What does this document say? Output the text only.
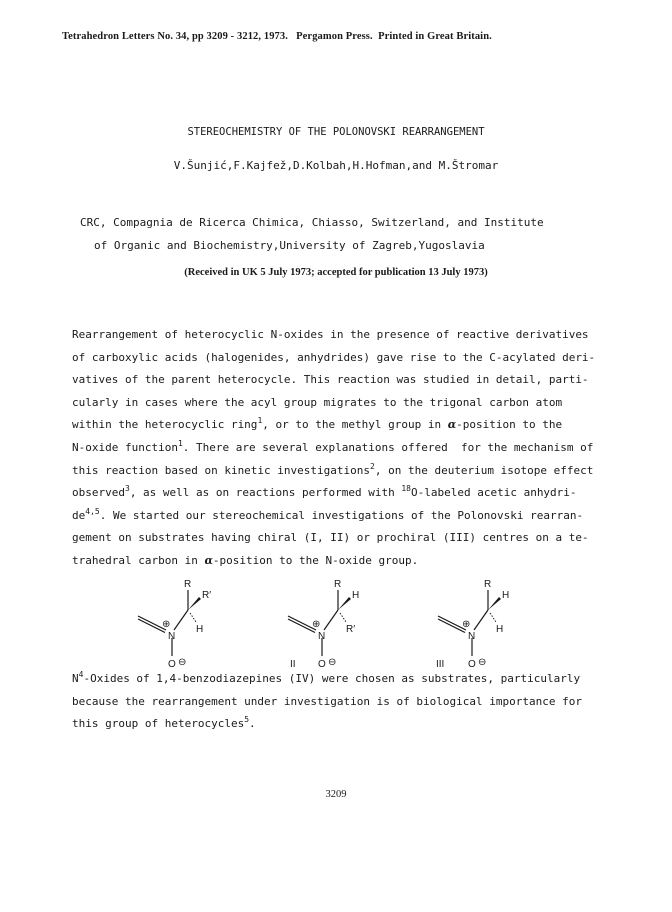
Tetrahedron Letters No. 34, pp 3209 - 3212, 1973.   Pergamon Press.  Printed in Great Britain.
STEREOCHEMISTRY OF THE POLONOVSKI REARRANGEMENT
V.Šunjić,F.Kajfež,D.Kolbah,H.Hofman,and M.Štromar
CRC, Compagnia de Ricerca Chimica, Chiasso, Switzerland, and Institute
of Organic and Biochemistry,University of Zagreb,Yugoslavia
(Received in UK 5 July 1973; accepted for publication 13 July 1973)

Rearrangement of heterocyclic N-oxides in the presence of reactive derivatives

of carboxylic acids (halogenides, anhydrides) gave rise to the C-acylated deri-

vatives of the parent heterocycle. This reaction was studied in detail, parti-

cularly in cases where the acyl group migrates to the trigonal carbon atom

within the heterocyclic ring$^1$, or to the methyl group in α-position to the

N-oxide function$^1$. There are several explanations offered  for the mechanism of

this reaction based on kinetic investigations$^2$, on the deuterium isotope effect

observed$^3$, as well as on reactions performed with $^{18}$O-labeled acetic anhydri-

de$^{4,5}$. We started our stereochemical investigations of the Polonovski rearran-

gement on substrates having chiral (I, II) or prochiral (III) centres on a te-

trahedral carbon in α-position to the N-oxide group.

R
R′
H
⊕
N
O ⊖
R
H
R′
⊕
N
O ⊖
II
R
H
H
⊕
N
O ⊖
III

$N^4$-Oxides of 1,4-benzodiazepines (IV) were chosen as substrates, particularly

because the rearrangement under investigation is of biological importance for

this group of heterocycles$^5$.

3209
